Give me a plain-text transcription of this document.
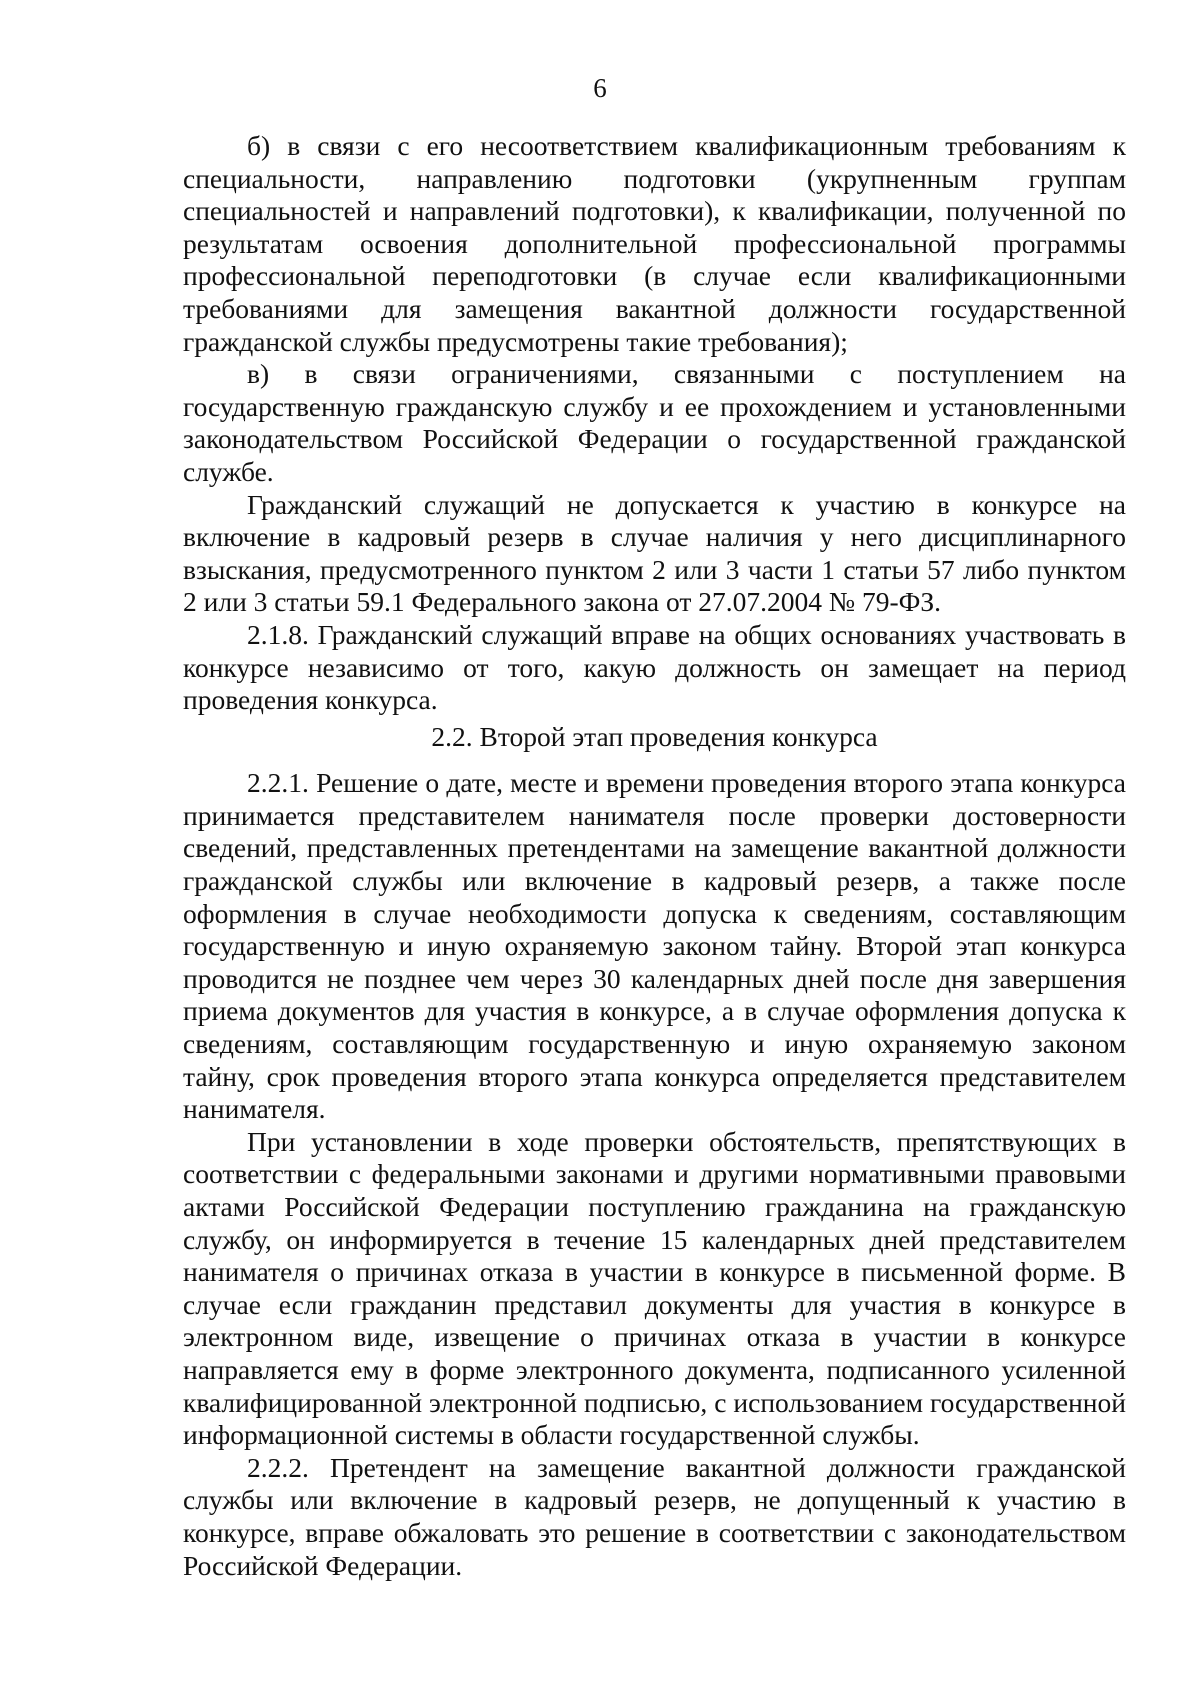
6

б) в связи с его несоответствием квалификационным требованиям к специальности, направлению подготовки (укрупненным группам специальностей и направлений подготовки), к квалификации, полученной по результатам освоения дополнительной профессиональной программы профессиональной переподготовки (в случае если квалификационными требованиями для замещения вакантной должности государственной гражданской службы предусмотрены такие требования);

в) в связи ограничениями, связанными с поступлением на государственную гражданскую службу и ее прохождением и установленными законодательством Российской Федерации о государственной гражданской службе.

Гражданский служащий не допускается к участию в конкурсе на включение в кадровый резерв в случае наличия у него дисциплинарного взыскания, предусмотренного пунктом 2 или 3 части 1 статьи 57 либо пунктом 2 или 3 статьи 59.1 Федерального закона от 27.07.2004 № 79-ФЗ.

2.1.8. Гражданский служащий вправе на общих основаниях участвовать в конкурсе независимо от того, какую должность он замещает на период проведения конкурса.

2.2. Второй этап проведения конкурса

2.2.1. Решение о дате, месте и времени проведения второго этапа конкурса принимается представителем нанимателя после проверки достоверности сведений, представленных претендентами на замещение вакантной должности гражданской службы или включение в кадровый резерв, а также после оформления в случае необходимости допуска к сведениям, составляющим государственную и иную охраняемую законом тайну. Второй этап конкурса проводится не позднее чем через 30 календарных дней после дня завершения приема документов для участия в конкурсе, а в случае оформления допуска к сведениям, составляющим государственную и иную охраняемую законом тайну, срок проведения второго этапа конкурса определяется представителем нанимателя.

При установлении в ходе проверки обстоятельств, препятствующих в соответствии с федеральными законами и другими нормативными правовыми актами Российской Федерации поступлению гражданина на гражданскую службу, он информируется в течение 15 календарных дней представителем нанимателя о причинах отказа в участии в конкурсе в письменной форме. В случае если гражданин представил документы для участия в конкурсе в электронном виде, извещение о причинах отказа в участии в конкурсе направляется ему в форме электронного документа, подписанного усиленной квалифицированной электронной подписью, с использованием государственной информационной системы в области государственной службы.

2.2.2. Претендент на замещение вакантной должности гражданской службы или включение в кадровый резерв, не допущенный к участию в конкурсе, вправе обжаловать это решение в соответствии с законодательством Российской Федерации.
